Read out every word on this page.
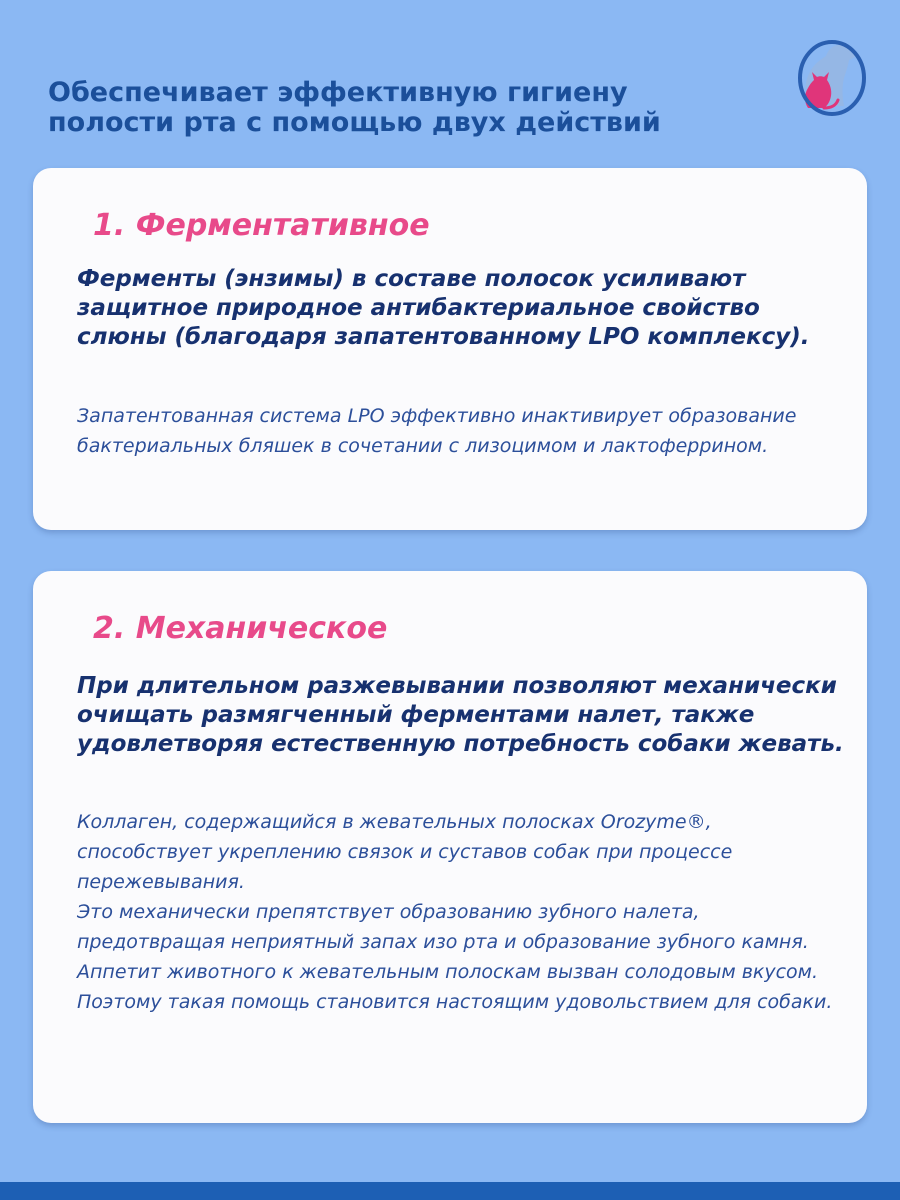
Обеспечивает эффективную гигиену
полости рта с помощью двух действий
1. Ферментативное

Ферменты (энзимы) в составе полосок усиливают защитное природное антибактериальное свойство слюны (благодаря запатентованному LPO комплексу).

Запатентованная система LPO эффективно инактивирует образование бактериальных бляшек в сочетании с лизоцимом и лактоферрином.

2. Механическое

При длительном разжевывании позволяют механически очищать размягченный ферментами налет, также удовлетворяя естественную потребность собаки жевать.

Коллаген, содержащийся в жевательных полосках Orozyme®, способствует укреплению связок и суставов собак при процессе пережевывания.
Это механически препятствует образованию зубного налета, предотвращая неприятный запах изо рта и образование зубного камня. Аппетит животного к жевательным полоскам вызван солодовым вкусом. Поэтому такая помощь становится настоящим удовольствием для собаки.
